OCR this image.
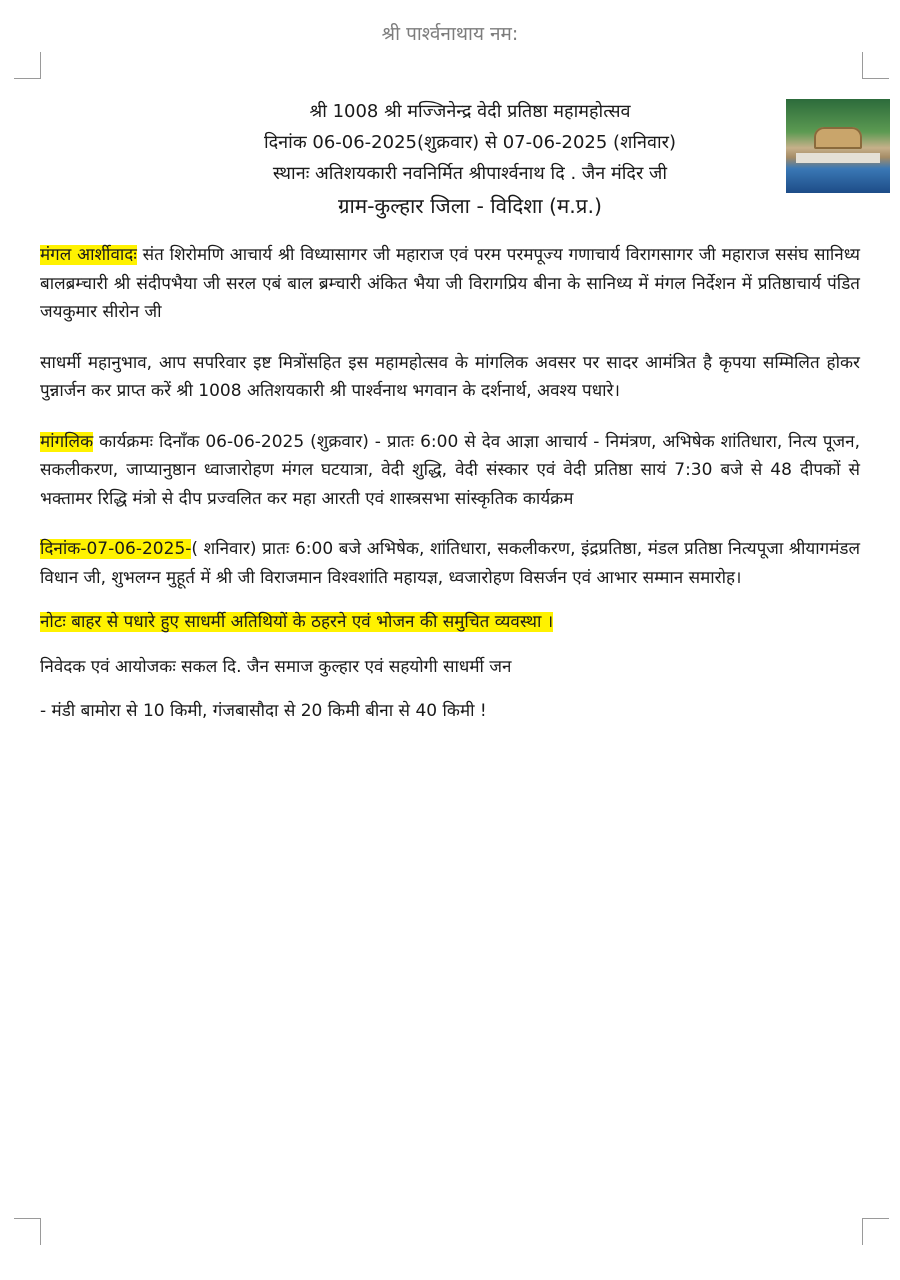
श्री पार्श्वनाथाय नम:
श्री 1008 श्री मज्जिनेन्द्र वेदी प्रतिष्ठा महामहोत्सव
दिनांक 06-06-2025(शुक्रवार) से 07-06-2025 (शनिवार)
स्थानः अतिशयकारी नवनिर्मित श्रीपार्श्वनाथ दि . जैन मंदिर जी
ग्राम-कुल्हार जिला - विदिशा (म.प्र.)

मंगल आर्शीवादः संत शिरोमणि आचार्य श्री विध्यासागर जी महाराज एवं परम परमपूज्य गणाचार्य विरागसागर जी महाराज ससंघ सानिध्य बालब्रम्चारी श्री संदीपभैया जी सरल एबं बाल ब्रम्चारी अंकित भैया जी विरागप्रिय बीना के सानिध्य में मंगल निर्देशन में प्रतिष्ठाचार्य पंडित जयकुमार सीरोन जी

साधर्मी महानुभाव, आप सपरिवार इष्ट मित्रोंसहित इस महामहोत्सव के मांगलिक अवसर पर सादर आमंत्रित है कृपया सम्मिलित होकर पुन्नार्जन कर प्राप्त करें श्री 1008 अतिशयकारी श्री पार्श्वनाथ भगवान के दर्शनार्थ, अवश्य पधारे।

मांगलिक कार्यक्रमः दिनाँक 06-06-2025 (शुक्रवार) - प्रातः 6:00 से देव आज्ञा आचार्य - निमंत्रण, अभिषेक शांतिधारा, नित्य पूजन, सकलीकरण, जाप्यानुष्ठान ध्वाजारोहण मंगल घटयात्रा, वेदी शुद्धि, वेदी संस्कार एवं वेदी प्रतिष्ठा सायं 7:30 बजे से 48 दीपकों से भक्तामर रिद्धि मंत्रो से दीप प्रज्वलित कर महा आरती एवं शास्त्रसभा सांस्कृतिक कार्यक्रम

दिनांक-07-06-2025-( शनिवार) प्रातः 6:00 बजे अभिषेक, शांतिधारा, सकलीकरण, इंद्रप्रतिष्ठा, मंडल प्रतिष्ठा नित्यपूजा श्रीयागमंडल विधान जी, शुभलग्न मुहूर्त में श्री जी विराजमान विश्वशांति महायज्ञ, ध्वजारोहण विसर्जन एवं आभार सम्मान समारोह।

नोटः बाहर से पधारे हुए साधर्मी अतिथियों के ठहरने एवं भोजन की समुचित व्यवस्था ।

निवेदक एवं आयोजकः सकल दि. जैन समाज कुल्हार एवं सहयोगी साधर्मी जन

- मंडी बामोरा से 10 किमी, गंजबासौदा से 20 किमी बीना से 40 किमी !
